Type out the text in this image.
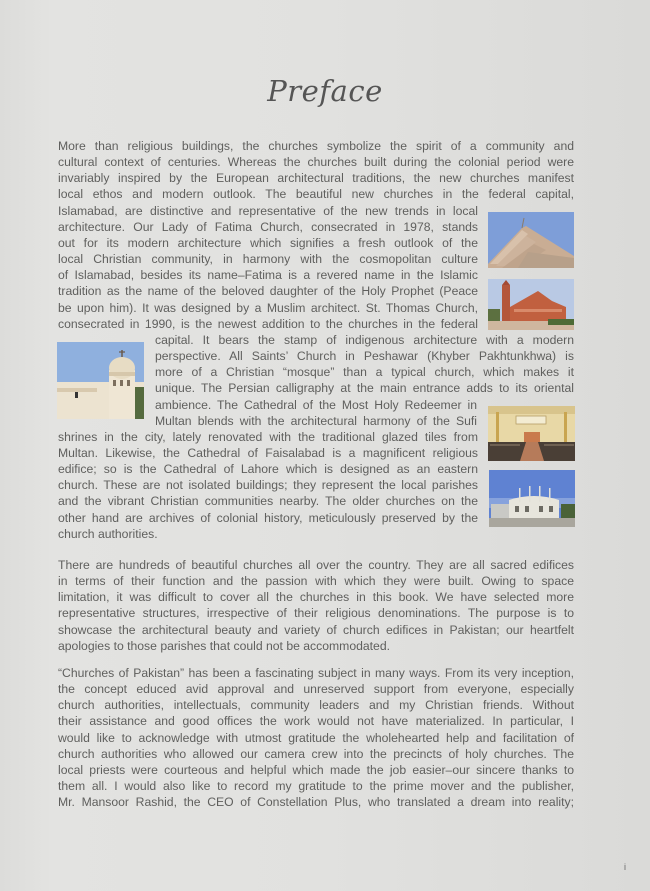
Preface
More than religious buildings, the churches symbolize the spirit of a community and
cultural context of centuries. Whereas the churches built during the colonial period were
invariably inspired by the European architectural traditions, the new churches manifest
local ethos and modern outlook. The beautiful new churches in the federal capital,
Islamabad, are distinctive and representative of the new trends in local
architecture. Our Lady of Fatima Church, consecrated in 1978, stands
out for its modern architecture which signifies a fresh outlook of the
local Christian community, in harmony with the cosmopolitan culture
of Islamabad, besides its name–Fatima is a revered name in the Islamic
tradition as the name of the beloved daughter of the Holy Prophet (Peace
be upon him). It was designed by a Muslim architect. St. Thomas Church,
consecrated in 1990, is the newest addition to the churches in the federal
capital. It bears the stamp of indigenous architecture with a modern
perspective. All Saints’ Church in Peshawar (Khyber Pakhtunkhwa) is
more of a Christian “mosque” than a typical church, which makes it
unique. The Persian calligraphy at the main entrance adds to its oriental
ambience. The Cathedral of the Most Holy Redeemer in
Multan blends with the architectural harmony of the Sufi
shrines in the city, lately renovated with the traditional glazed tiles from
Multan. Likewise, the Cathedral of Faisalabad is a magnificent religious
edifice; so is the Cathedral of Lahore which is designed as an eastern
church. These are not isolated buildings; they represent the local parishes
and the vibrant Christian communities nearby. The older churches on the
other hand are archives of colonial history, meticulously preserved by the
church authorities.
There are hundreds of beautiful churches all over the country. They are all sacred edifices
in terms of their function and the passion with which they were built. Owing to space
limitation, it was difficult to cover all the churches in this book. We have selected more
representative structures, irrespective of their religious denominations. The purpose is to
showcase the architectural beauty and variety of church edifices in Pakistan; our heartfelt
apologies to those parishes that could not be accommodated.
“Churches of Pakistan” has been a fascinating subject in many ways. From its very inception,
the concept educed avid approval and unreserved support from everyone, especially
church authorities, intellectuals, community leaders and my Christian friends. Without
their assistance and good offices the work would not have materialized. In particular, I
would like to acknowledge with utmost gratitude the wholehearted help and facilitation of
church authorities who allowed our camera crew into the precincts of holy churches. The
local priests were courteous and helpful which made the job easier–our sincere thanks to
them all. I would also like to record my gratitude to the prime mover and the publisher,
Mr. Mansoor Rashid, the CEO of Constellation Plus, who translated a dream into reality;
i
